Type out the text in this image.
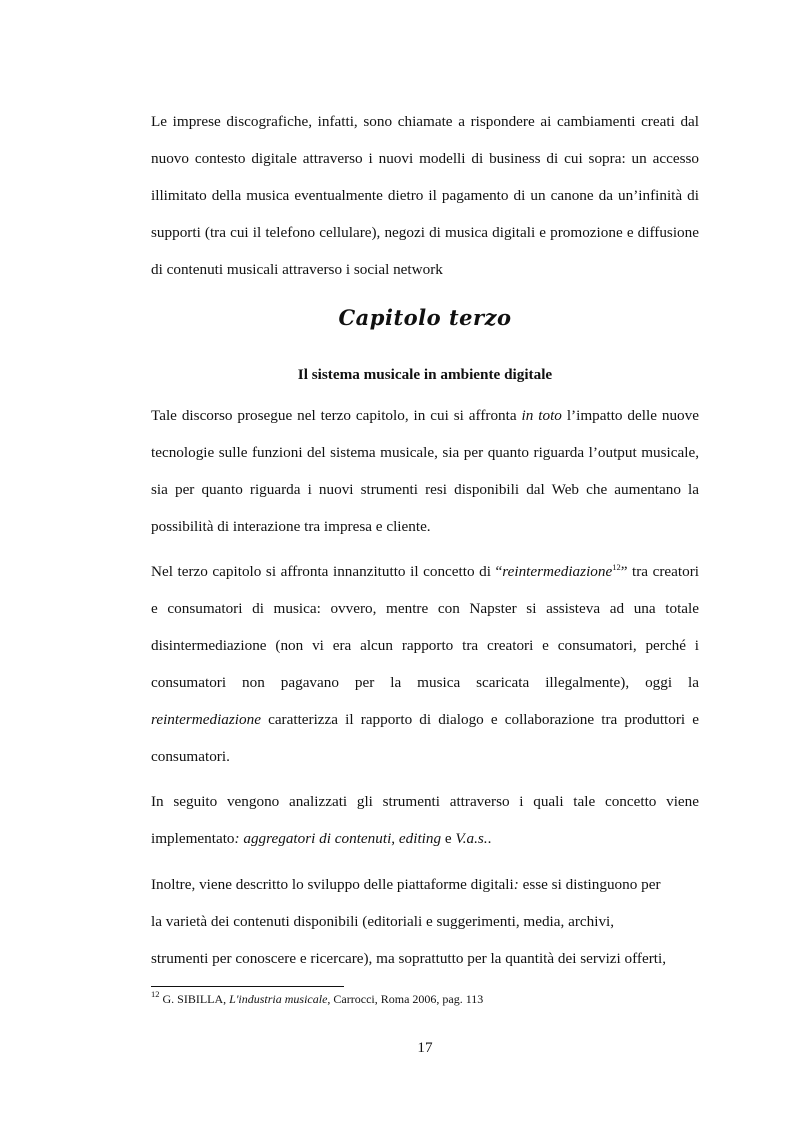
Le imprese discografiche, infatti, sono chiamate a rispondere ai cambiamenti creati dal nuovo contesto digitale attraverso i nuovi modelli di business di cui sopra: un accesso illimitato della musica eventualmente dietro il pagamento di un canone da un’infinità di supporti (tra cui il telefono cellulare), negozi di musica digitali e promozione e diffusione di contenuti musicali attraverso i social network

Capitolo terzo
Il sistema musicale in ambiente digitale

Tale discorso prosegue nel terzo capitolo, in cui si affronta in toto l’impatto delle nuove tecnologie sulle funzioni del sistema musicale, sia per quanto riguarda l’output musicale, sia per quanto riguarda i nuovi strumenti resi disponibili dal Web che aumentano la possibilità di interazione tra impresa e cliente.

Nel terzo capitolo si affronta innanzitutto il concetto di “reintermediazione$^{12}$” tra creatori e consumatori di musica: ovvero, mentre con Napster si assisteva ad una totale disintermediazione (non vi era alcun rapporto tra creatori e consumatori, perché i consumatori non pagavano per la musica scaricata illegalmente), oggi la reintermediazione caratterizza il rapporto di dialogo e collaborazione tra produttori e consumatori.

In seguito vengono analizzati gli strumenti attraverso i quali tale concetto viene implementato: aggregatori di contenuti, editing e V.a.s..

Inoltre, viene descritto lo sviluppo delle piattaforme digitali: esse si distinguono per
la varietà dei contenuti disponibili (editoriali e suggerimenti, media, archivi,
strumenti per conoscere e ricercare), ma soprattutto per la quantità dei servizi offerti,

$^{12}$ G. SIBILLA, L'industria musicale, Carrocci, Roma 2006, pag. 113

17
